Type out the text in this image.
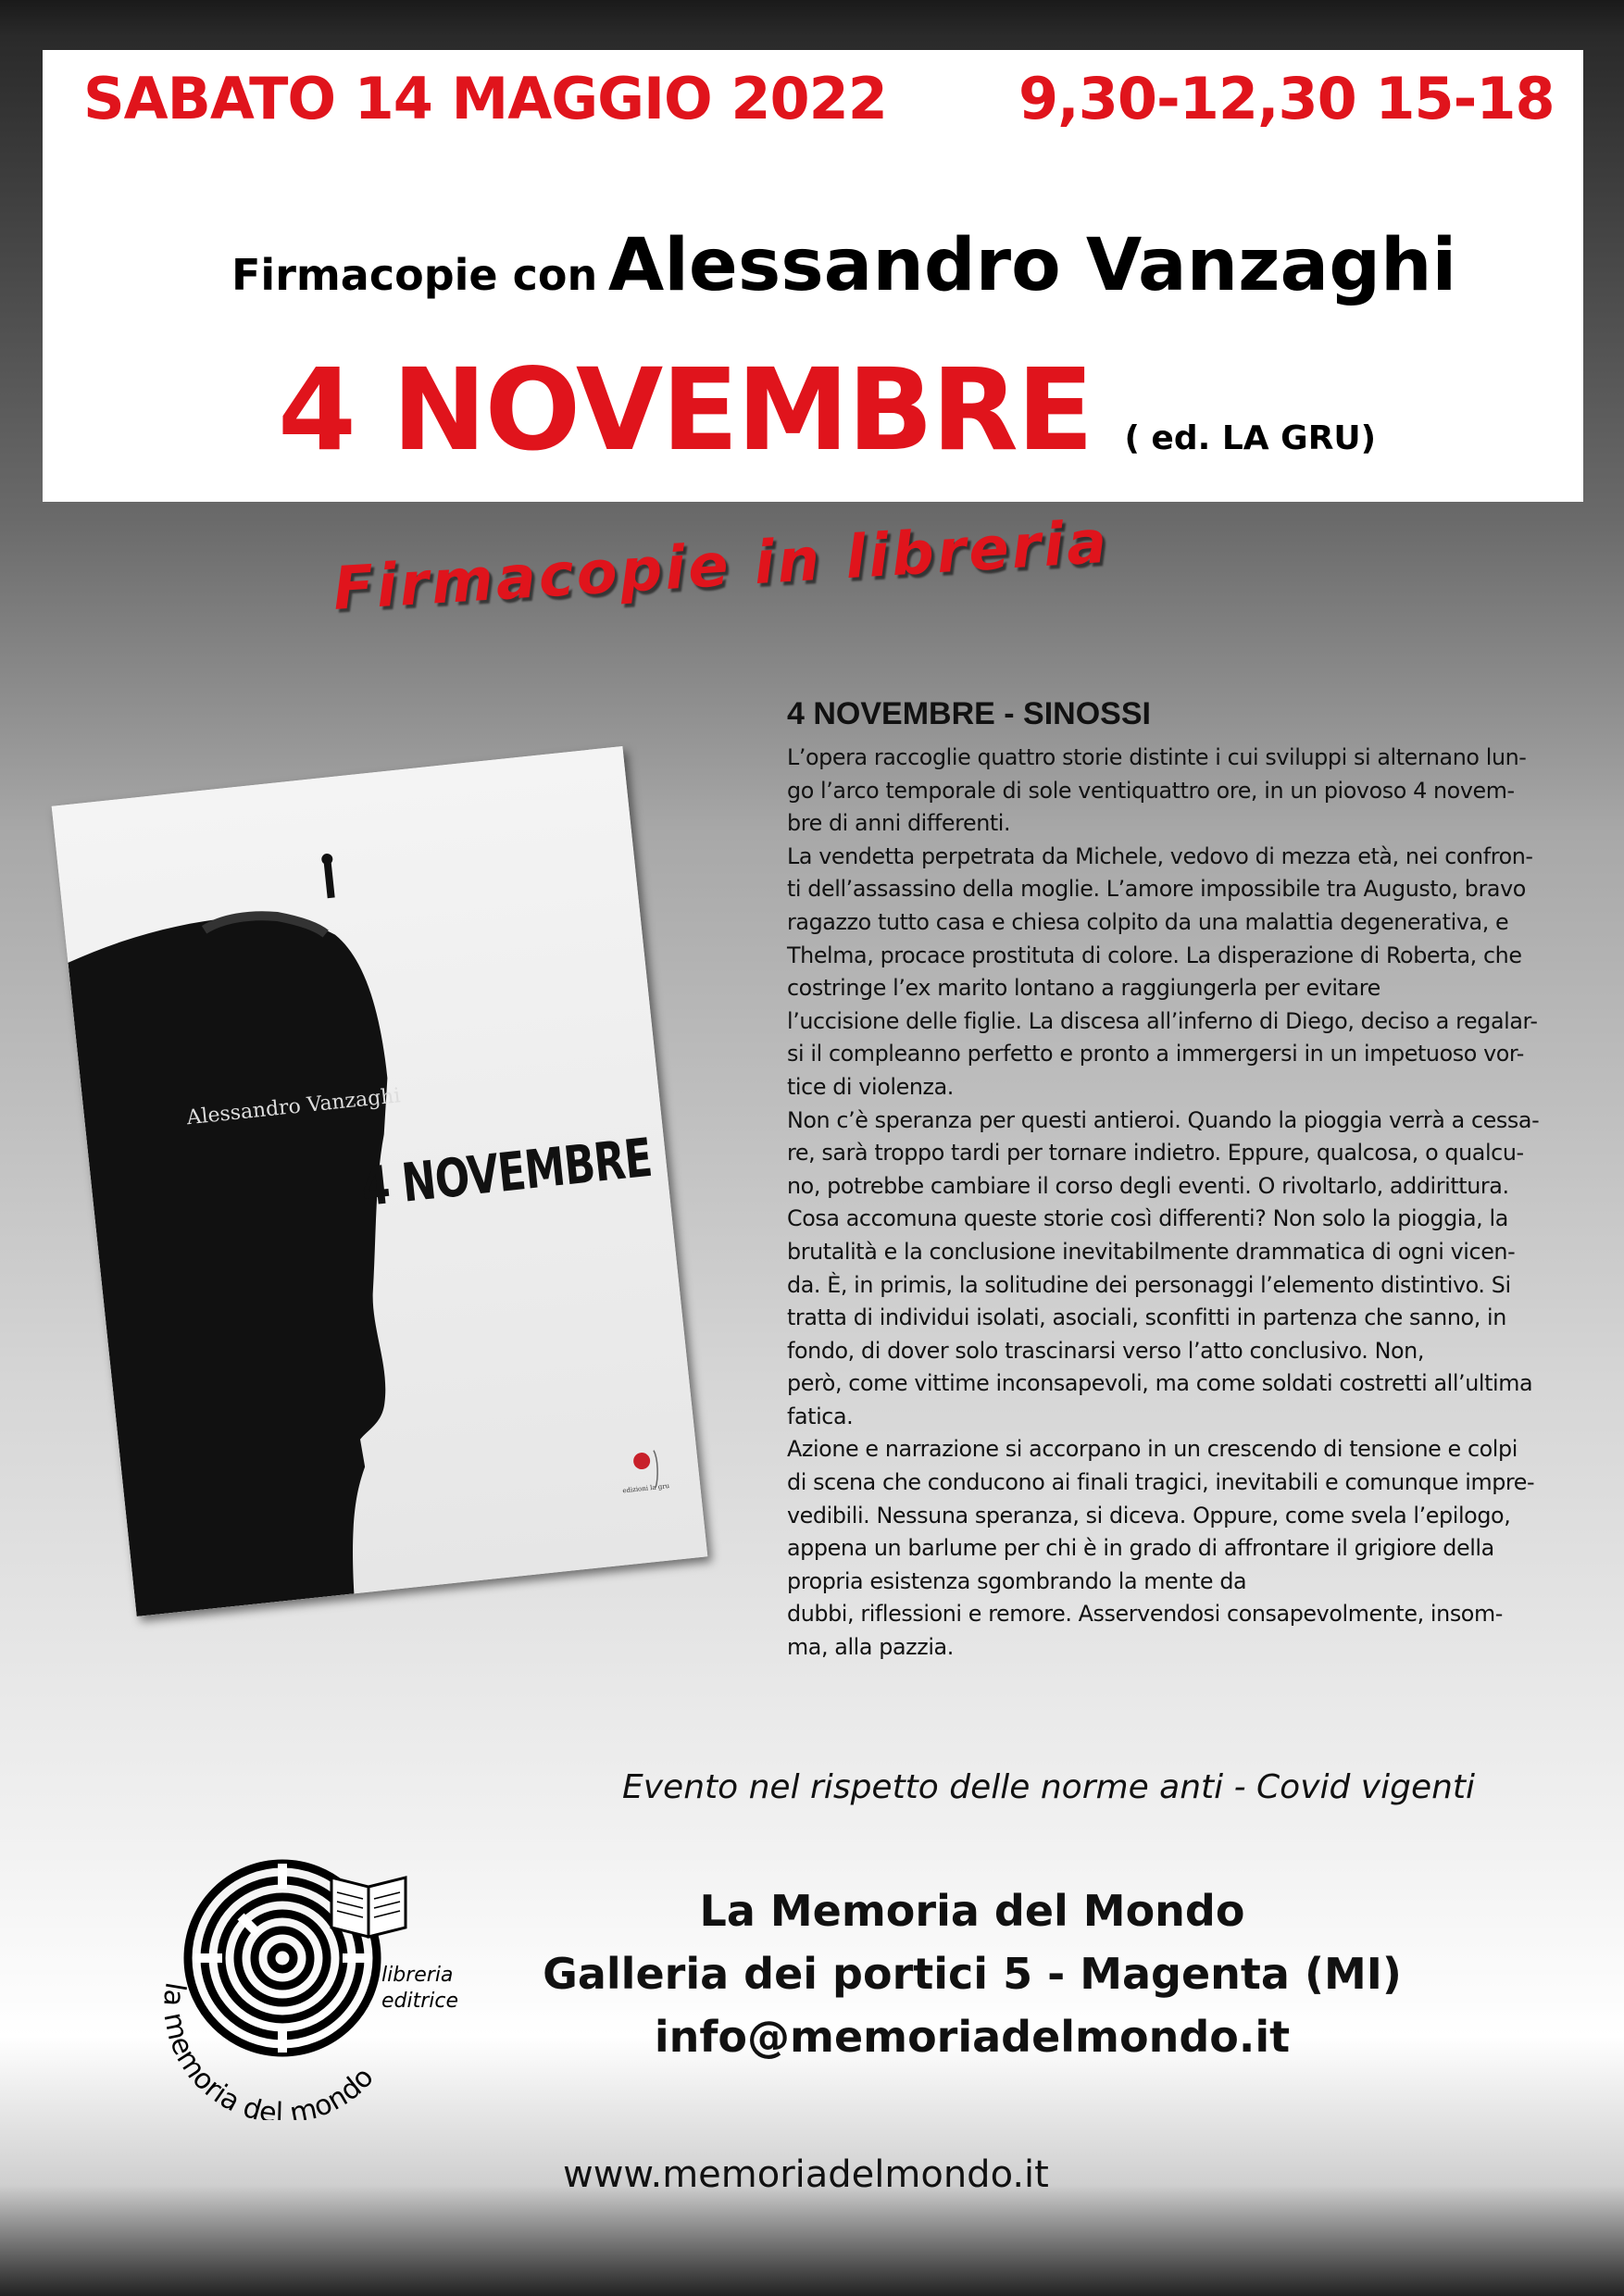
SABATO 14 MAGGIO 2022 9,30-12,30 15-18
Firmacopie con Alessandro Vanzaghi
4 NOVEMBRE ( ed. LA GRU)
Firmacopie in libreria
Alessandro Vanzaghi
4 NOVEMBRE
edizioni la gru
4 NOVEMBRE - SINOSSI
L’opera raccoglie quattro storie distinte i cui sviluppi si alternano lun-
go l’arco temporale di sole ventiquattro ore, in un piovoso 4 novem-
bre di anni differenti.
La vendetta perpetrata da Michele, vedovo di mezza età, nei confron-
ti dell’assassino della moglie. L’amore impossibile tra Augusto, bravo
ragazzo tutto casa e chiesa colpito da una malattia degenerativa, e
Thelma, procace prostituta di colore. La disperazione di Roberta, che
costringe l’ex marito lontano a raggiungerla per evitare
l’uccisione delle figlie. La discesa all’inferno di Diego, deciso a regalar-
si il compleanno perfetto e pronto a immergersi in un impetuoso vor-
tice di violenza.
Non c’è speranza per questi antieroi. Quando la pioggia verrà a cessa-
re, sarà troppo tardi per tornare indietro. Eppure, qualcosa, o qualcu-
no, potrebbe cambiare il corso degli eventi. O rivoltarlo, addirittura.
Cosa accomuna queste storie così differenti? Non solo la pioggia, la
brutalità e la conclusione inevitabilmente drammatica di ogni vicen-
da. È, in primis, la solitudine dei personaggi l’elemento distintivo. Si
tratta di individui isolati, asociali, sconfitti in partenza che sanno, in
fondo, di dover solo trascinarsi verso l’atto conclusivo. Non,
però, come vittime inconsapevoli, ma come soldati costretti all’ultima
fatica.
Azione e narrazione si accorpano in un crescendo di tensione e colpi
di scena che conducono ai finali tragici, inevitabili e comunque impre-
vedibili. Nessuna speranza, si diceva. Oppure, come svela l’epilogo,
appena un barlume per chi è in grado di affrontare il grigiore della
propria esistenza sgombrando la mente da
dubbi, riflessioni e remore. Asservendosi consapevolmente, insom-
ma, alla pazzia.
Evento nel rispetto delle norme anti - Covid vigenti
la memoria del mondo
libreria
editrice
La Memoria del Mondo
Galleria dei portici 5 - Magenta (MI)
info@memoriadelmondo.it
www.memoriadelmondo.it
